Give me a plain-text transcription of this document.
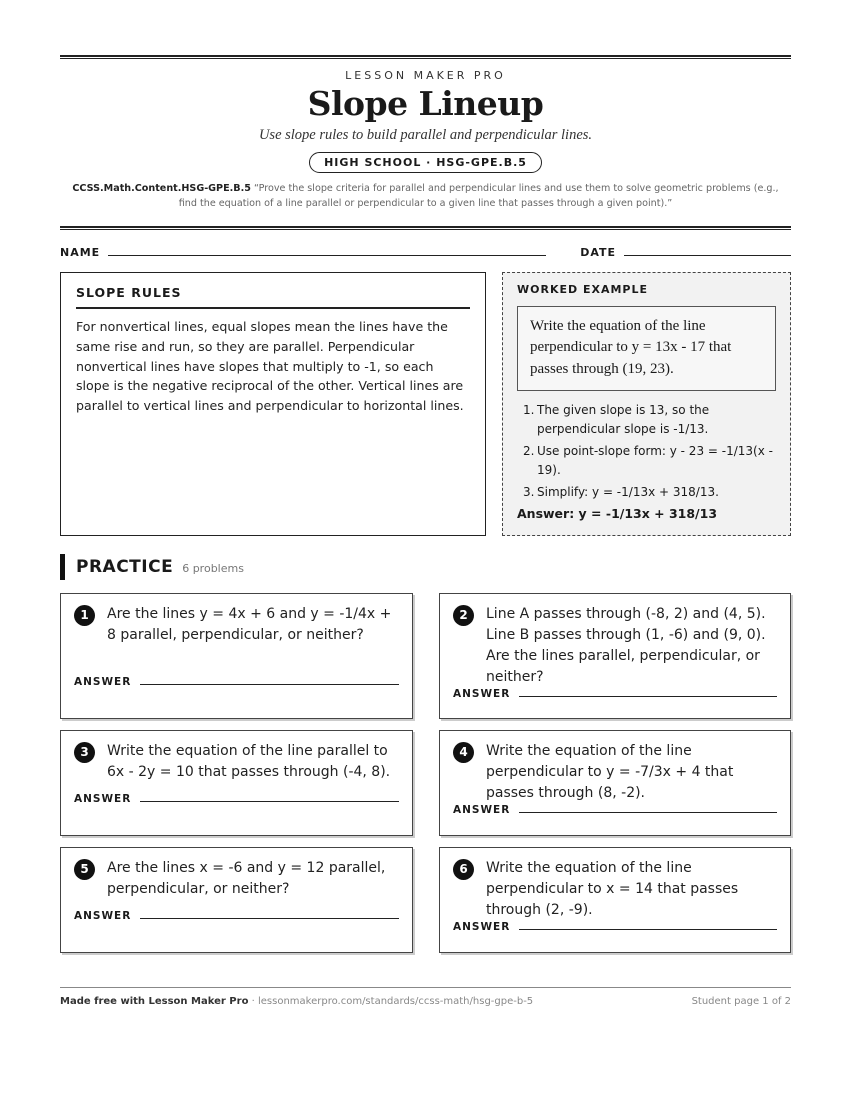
LESSON MAKER PRO
Slope Lineup
Use slope rules to build parallel and perpendicular lines.
HIGH SCHOOL · HSG-GPE.B.5
CCSS.Math.Content.HSG-GPE.B.5 “Prove the slope criteria for parallel and perpendicular lines and use them to solve geometric problems (e.g., find the equation of a line parallel or perpendicular to a given line that passes through a given point).”
NAME	DATE
SLOPE RULES
For nonvertical lines, equal slopes mean the lines have the same rise and run, so they are parallel. Perpendicular nonvertical lines have slopes that multiply to -1, so each slope is the negative reciprocal of the other. Vertical lines are parallel to vertical lines and perpendicular to horizontal lines.
WORKED EXAMPLE
Write the equation of the line perpendicular to y = 13x - 17 that passes through (19, 23).
1. The given slope is 13, so the perpendicular slope is -1/13.
2. Use point-slope form: y - 23 = -1/13(x - 19).
3. Simplify: y = -1/13x + 318/13.
Answer: y = -1/13x + 318/13
PRACTICE 6 problems
1	Are the lines y = 4x + 6 and y = -1/4x + 8 parallel, perpendicular, or neither?
ANSWER
2	Line A passes through (-8, 2) and (4, 5). Line B passes through (1, -6) and (9, 0). Are the lines parallel, perpendicular, or neither?
ANSWER
3	Write the equation of the line parallel to 6x - 2y = 10 that passes through (-4, 8).
ANSWER
4	Write the equation of the line perpendicular to y = -7/3x + 4 that passes through (8, -2).
ANSWER
5	Are the lines x = -6 and y = 12 parallel, perpendicular, or neither?
ANSWER
6	Write the equation of the line perpendicular to x = 14 that passes through (2, -9).
ANSWER
Made free with Lesson Maker Pro · lessonmakerpro.com/standards/ccss-math/hsg-gpe-b-5	Student page 1 of 2
